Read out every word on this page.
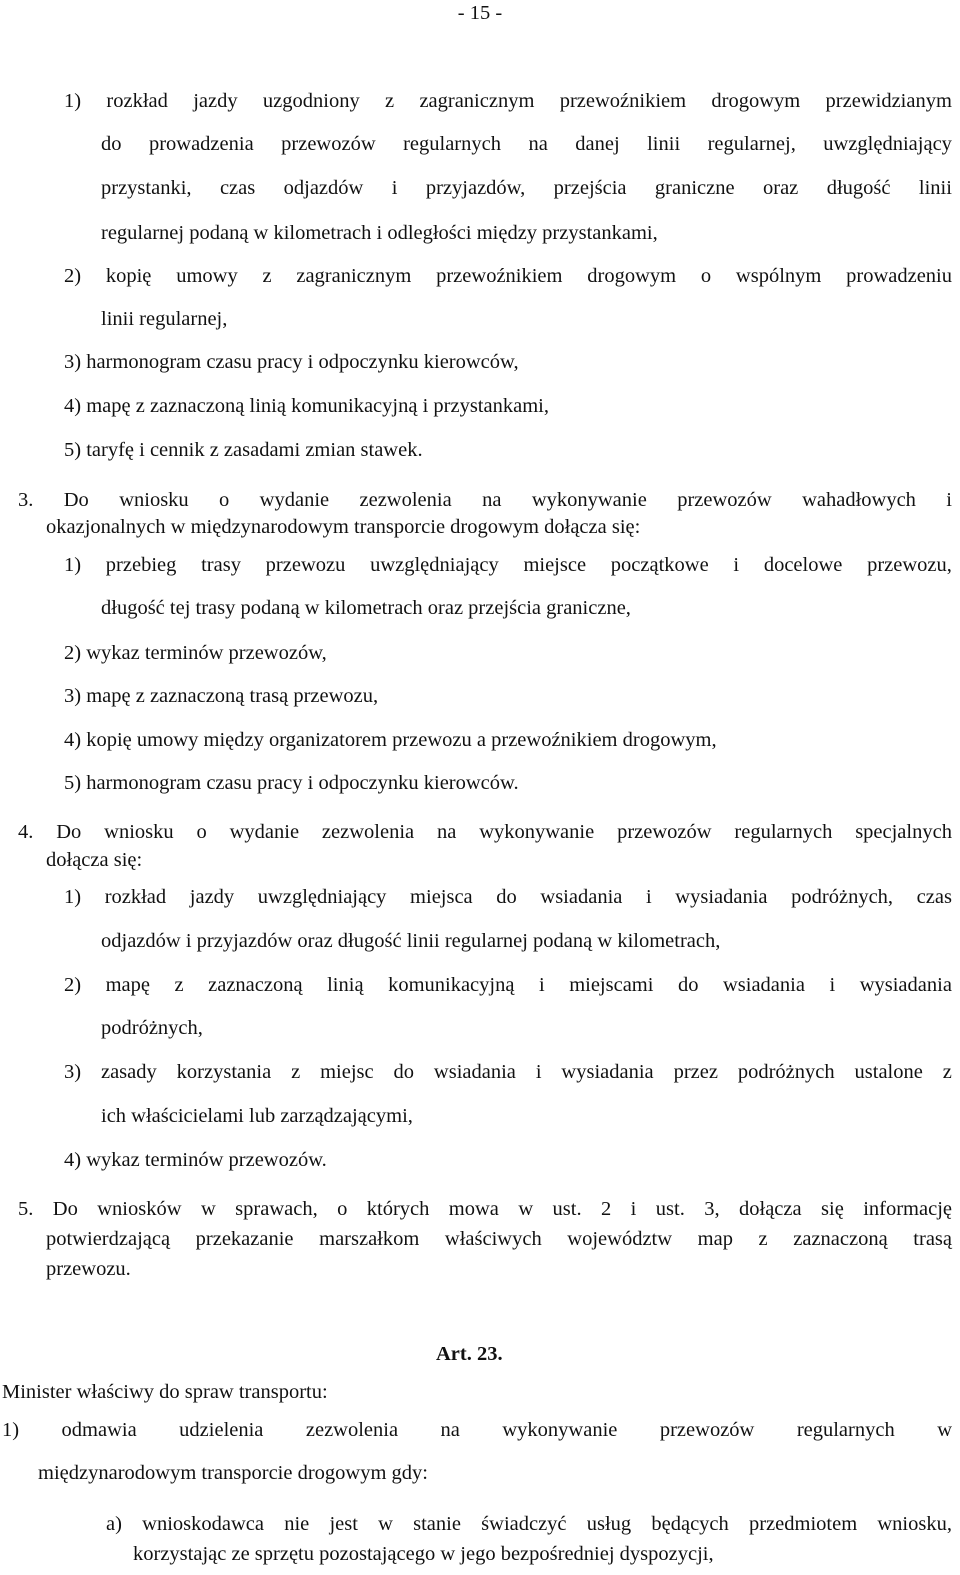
- 15 -
1) rozkład jazdy uzgodniony z zagranicznym przewoźnikiem drogowym przewidzianym
do prowadzenia przewozów regularnych na danej linii regularnej, uwzględniający
przystanki, czas odjazdów i przyjazdów, przejścia graniczne oraz długość linii
regularnej podaną w kilometrach i odległości między przystankami,
2) kopię umowy z zagranicznym przewoźnikiem drogowym o wspólnym prowadzeniu
linii regularnej,
3) harmonogram czasu pracy i odpoczynku kierowców,
4) mapę z zaznaczoną linią komunikacyjną i przystankami,
5) taryfę i cennik z zasadami zmian stawek.
3. Do wniosku o wydanie zezwolenia na wykonywanie przewozów wahadłowych i
okazjonalnych w międzynarodowym transporcie drogowym dołącza się:
1) przebieg trasy przewozu uwzględniający miejsce początkowe i docelowe przewozu,
długość tej trasy podaną w kilometrach oraz przejścia graniczne,
2) wykaz terminów przewozów,
3) mapę z zaznaczoną trasą przewozu,
4) kopię umowy między organizatorem przewozu a przewoźnikiem drogowym,
5) harmonogram czasu pracy i odpoczynku kierowców.
4. Do wniosku o wydanie zezwolenia na wykonywanie przewozów regularnych specjalnych
dołącza się:
1) rozkład jazdy uwzględniający miejsca do wsiadania i wysiadania podróżnych, czas
odjazdów i przyjazdów oraz długość linii regularnej podaną w kilometrach,
2) mapę z zaznaczoną linią komunikacyjną i miejscami do wsiadania i wysiadania
podróżnych,
3) zasady korzystania z miejsc do wsiadania i wysiadania przez podróżnych ustalone z
ich właścicielami lub zarządzającymi,
4) wykaz terminów przewozów.
5. Do wniosków w sprawach, o których mowa w ust. 2 i ust. 3, dołącza się informację
potwierdzającą przekazanie marszałkom właściwych województw map z zaznaczoną trasą
przewozu.
Art. 23.
Minister właściwy do spraw transportu:
1) odmawia udzielenia zezwolenia na wykonywanie przewozów regularnych w
międzynarodowym transporcie drogowym gdy:
a) wnioskodawca nie jest w stanie świadczyć usług będących przedmiotem wniosku,
korzystając ze sprzętu pozostającego w jego bezpośredniej dyspozycji,
